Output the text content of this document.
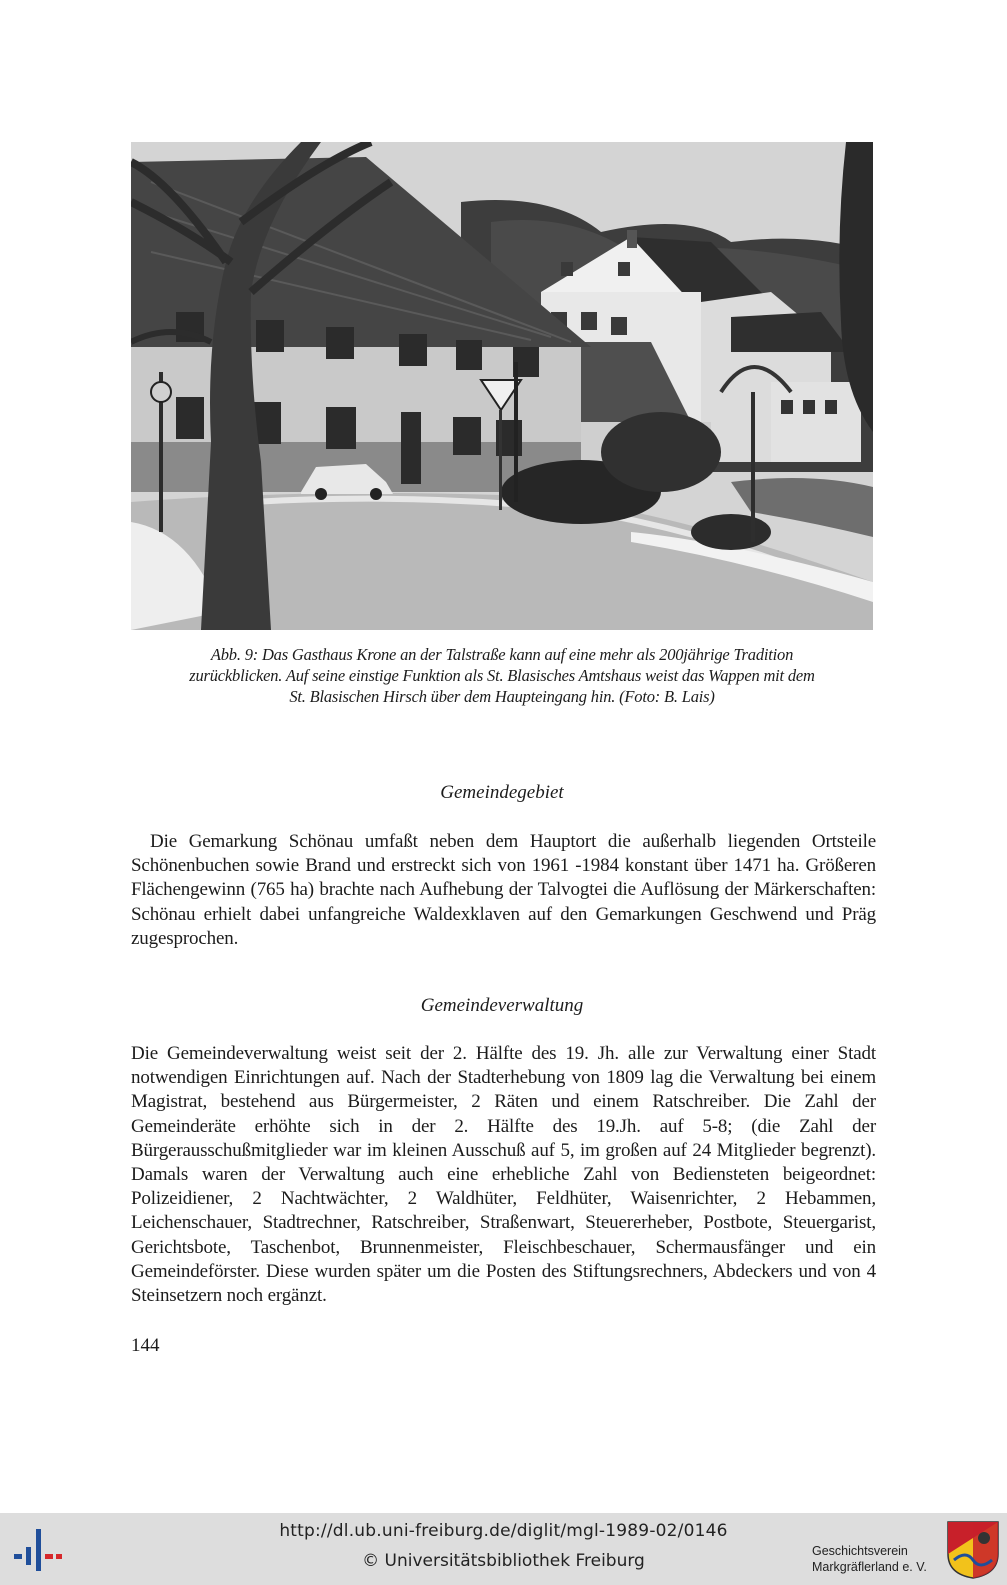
Abb. 9: Das Gasthaus Krone an der Talstraße kann auf eine mehr als 200jährige Tradition
zurückblicken. Auf seine einstige Funktion als St. Blasisches Amtshaus weist das Wappen mit dem
St. Blasischen Hirsch über dem Haupteingang hin. (Foto: B. Lais)
Gemeindegebiet

Die Gemarkung Schönau umfaßt neben dem Hauptort die außerhalb liegenden Ortsteile Schönenbuchen sowie Brand und erstreckt sich von 1961 -1984 konstant über 1471 ha. Größeren Flächengewinn (765 ha) brachte nach Aufhebung der Talvogtei die Auflösung der Märkerschaften: Schönau erhielt dabei unfangreiche Waldexklaven auf den Gemarkungen Geschwend und Präg zugesprochen.

Gemeindeverwaltung

Die Gemeindeverwaltung weist seit der 2. Hälfte des 19. Jh. alle zur Verwaltung einer Stadt notwendigen Einrichtungen auf. Nach der Stadterhebung von 1809 lag die Verwaltung bei einem Magistrat, bestehend aus Bürgermeister, 2 Räten und einem Ratschreiber. Die Zahl der Gemeinderäte erhöhte sich in der 2. Hälfte des 19.Jh. auf 5-8; (die Zahl der Bürgerausschußmitglieder war im kleinen Ausschuß auf 5, im großen auf 24 Mitglieder begrenzt). Damals waren der Verwaltung auch eine erhebliche Zahl von Bediensteten beigeordnet: Polizeidiener, 2 Nachtwächter, 2 Waldhüter, Feldhüter, Waisenrichter, 2 Hebammen, Leichenschauer, Stadtrechner, Ratschreiber, Straßenwart, Steuererheber, Postbote, Steuergarist, Gerichtsbote, Taschenbot, Brunnenmeister, Fleischbeschauer, Schermausfänger und ein Gemeindeförster. Diese wurden später um die Posten des Stiftungsrechners, Abdeckers und von 4 Steinsetzern noch ergänzt.

144
http://dl.ub.uni-freiburg.de/diglit/mgl-1989-02/0146
© Universitätsbibliothek Freiburg	Geschichtsverein
Markgräflerland e. V.
